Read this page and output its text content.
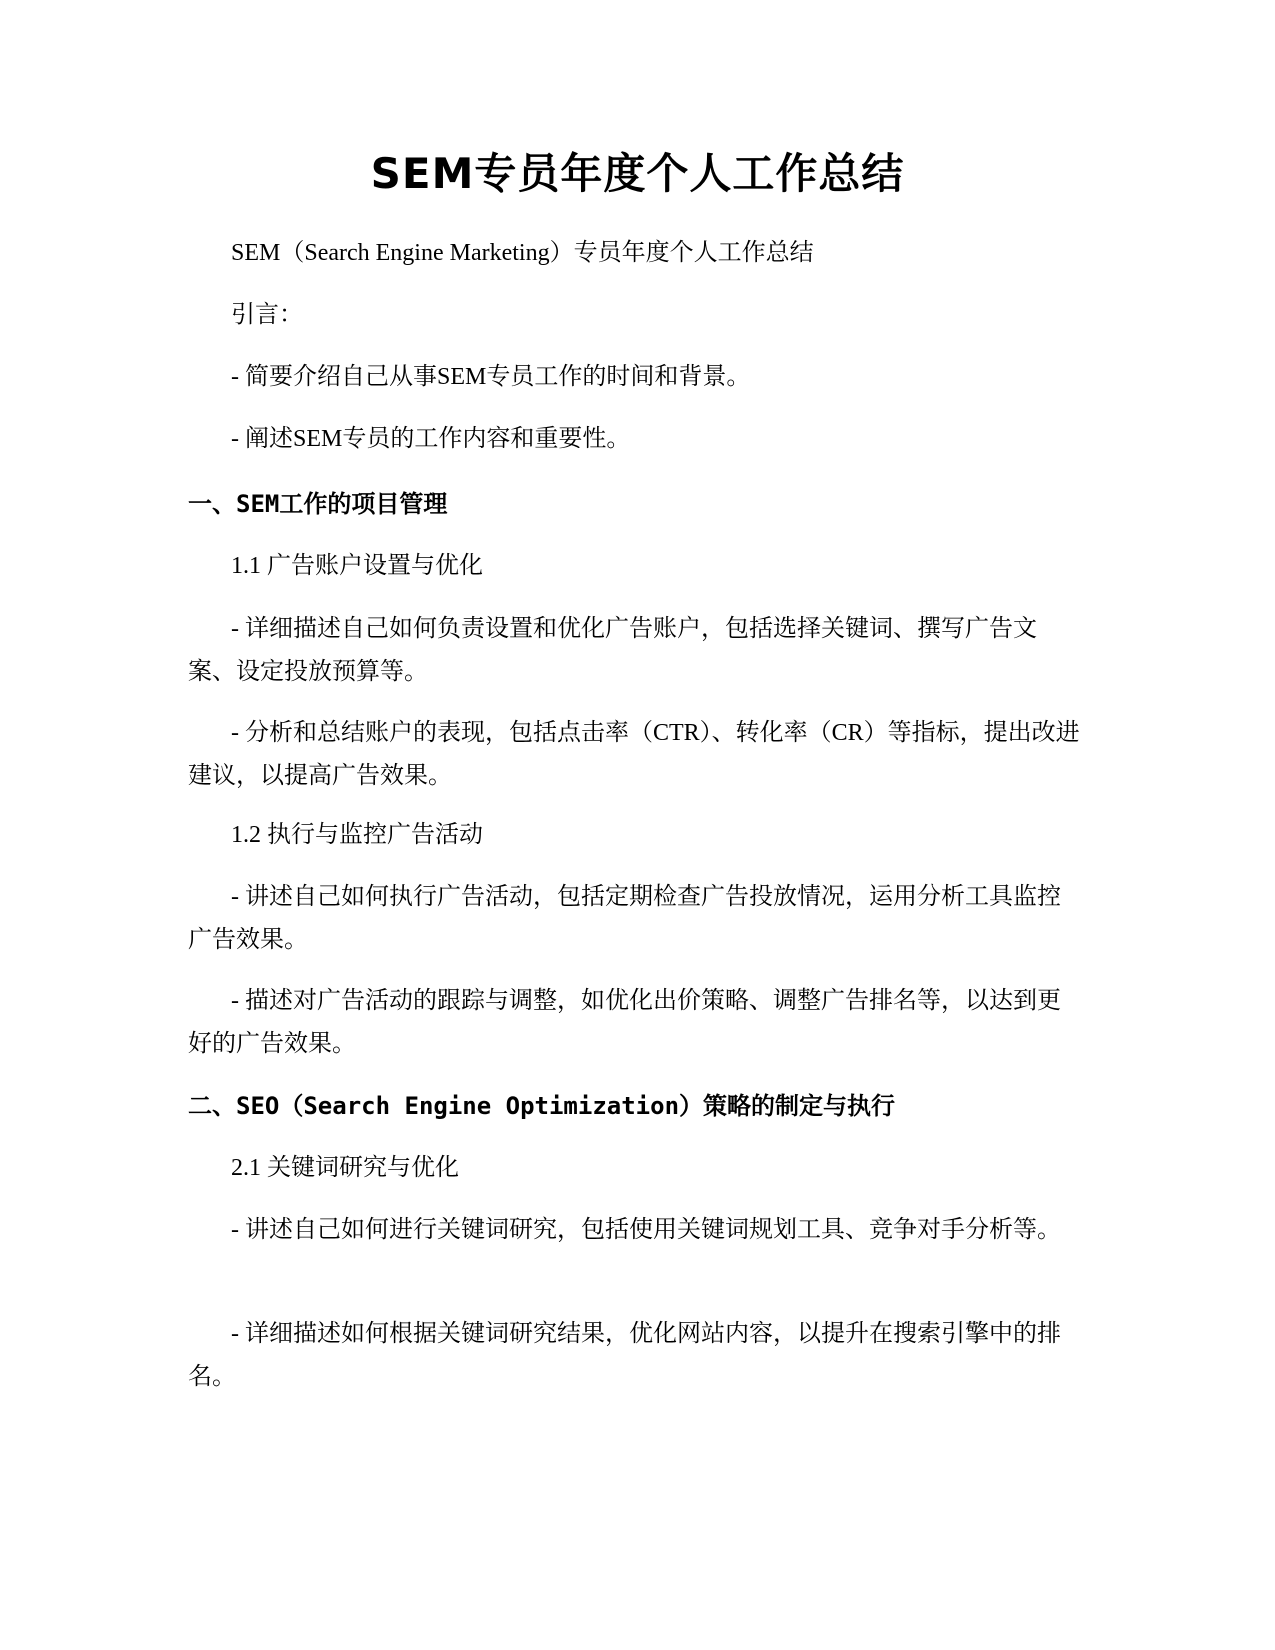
SEM专员年度个人工作总结

SEM（Search Engine Marketing）专员年度个人工作总结

引言：

- 简要介绍自己从事SEM专员工作的时间和背景。

- 阐述SEM专员的工作内容和重要性。

一、SEM工作的项目管理

1.1 广告账户设置与优化

- 详细描述自己如何负责设置和优化广告账户，包括选择关键词、撰写广告文案、设定投放预算等。

- 分析和总结账户的表现，包括点击率（CTR）、转化率（CR）等指标，提出改进建议，以提高广告效果。

1.2 执行与监控广告活动

- 讲述自己如何执行广告活动，包括定期检查广告投放情况，运用分析工具监控广告效果。

- 描述对广告活动的跟踪与调整，如优化出价策略、调整广告排名等，以达到更好的广告效果。

二、SEO（Search Engine Optimization）策略的制定与执行

2.1 关键词研究与优化

- 讲述自己如何进行关键词研究，包括使用关键词规划工具、竞争对手分析等。

- 详细描述如何根据关键词研究结果，优化网站内容，以提升在搜索引擎中的排名。
